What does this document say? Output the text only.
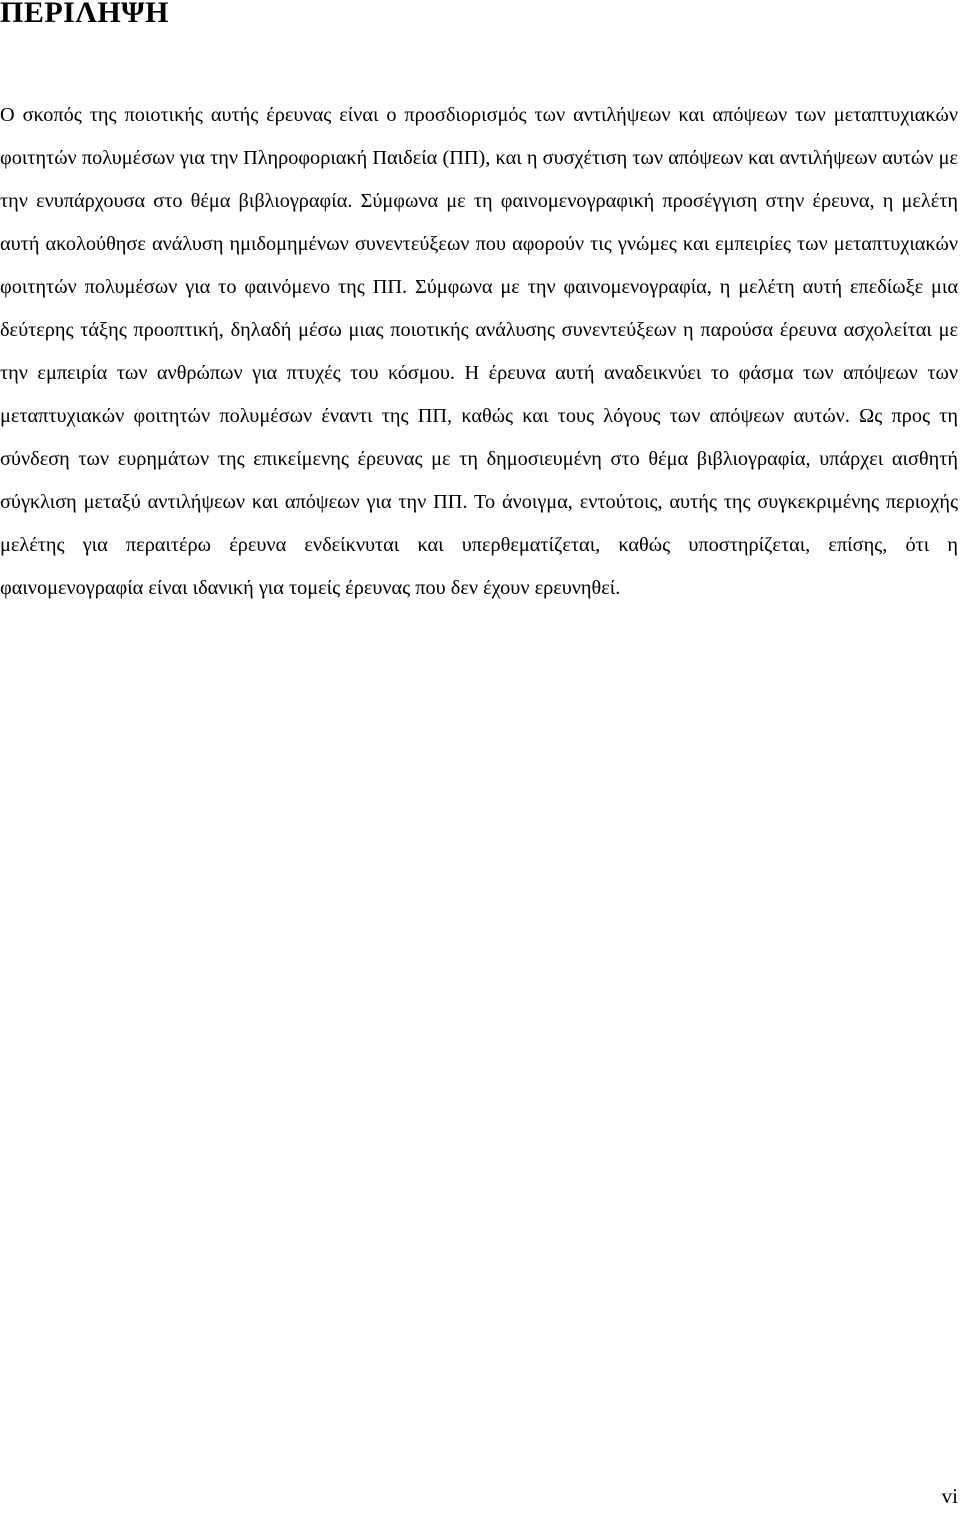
ΠΕΡΙΛΗΨΗ

Ο σκοπός της ποιοτικής αυτής έρευνας είναι ο προσδιορισμός των αντιλήψεων και απόψεων των μεταπτυχιακών φοιτητών πολυμέσων για την Πληροφοριακή Παιδεία (ΠΠ), και η συσχέτιση των απόψεων και αντιλήψεων αυτών με την ενυπάρχουσα στο θέμα βιβλιογραφία. Σύμφωνα με τη φαινομενογραφική προσέγγιση στην έρευνα, η μελέτη αυτή ακολούθησε ανάλυση ημιδομημένων συνεντεύξεων που αφορούν τις γνώμες και εμπειρίες των μεταπτυχιακών φοιτητών πολυμέσων για το φαινόμενο της ΠΠ. Σύμφωνα με την φαινομενογραφία, η μελέτη αυτή επεδίωξε μια δεύτερης τάξης προοπτική, δηλαδή μέσω μιας ποιοτικής ανάλυσης συνεντεύξεων η παρούσα έρευνα ασχολείται με την εμπειρία των ανθρώπων για πτυχές του κόσμου. Η έρευνα αυτή αναδεικνύει το φάσμα των απόψεων των μεταπτυχιακών φοιτητών πολυμέσων έναντι της ΠΠ, καθώς και τους λόγους των απόψεων αυτών. Ως προς τη σύνδεση των ευρημάτων της επικείμενης έρευνας με τη δημοσιευμένη στο θέμα βιβλιογραφία, υπάρχει αισθητή σύγκλιση μεταξύ αντιλήψεων και απόψεων για την ΠΠ. Το άνοιγμα, εντούτοις, αυτής της συγκεκριμένης περιοχής μελέτης για περαιτέρω έρευνα ενδείκνυται και υπερθεματίζεται, καθώς υποστηρίζεται, επίσης, ότι η φαινομενογραφία είναι ιδανική για τομείς έρευνας που δεν έχουν ερευνηθεί.

vi
